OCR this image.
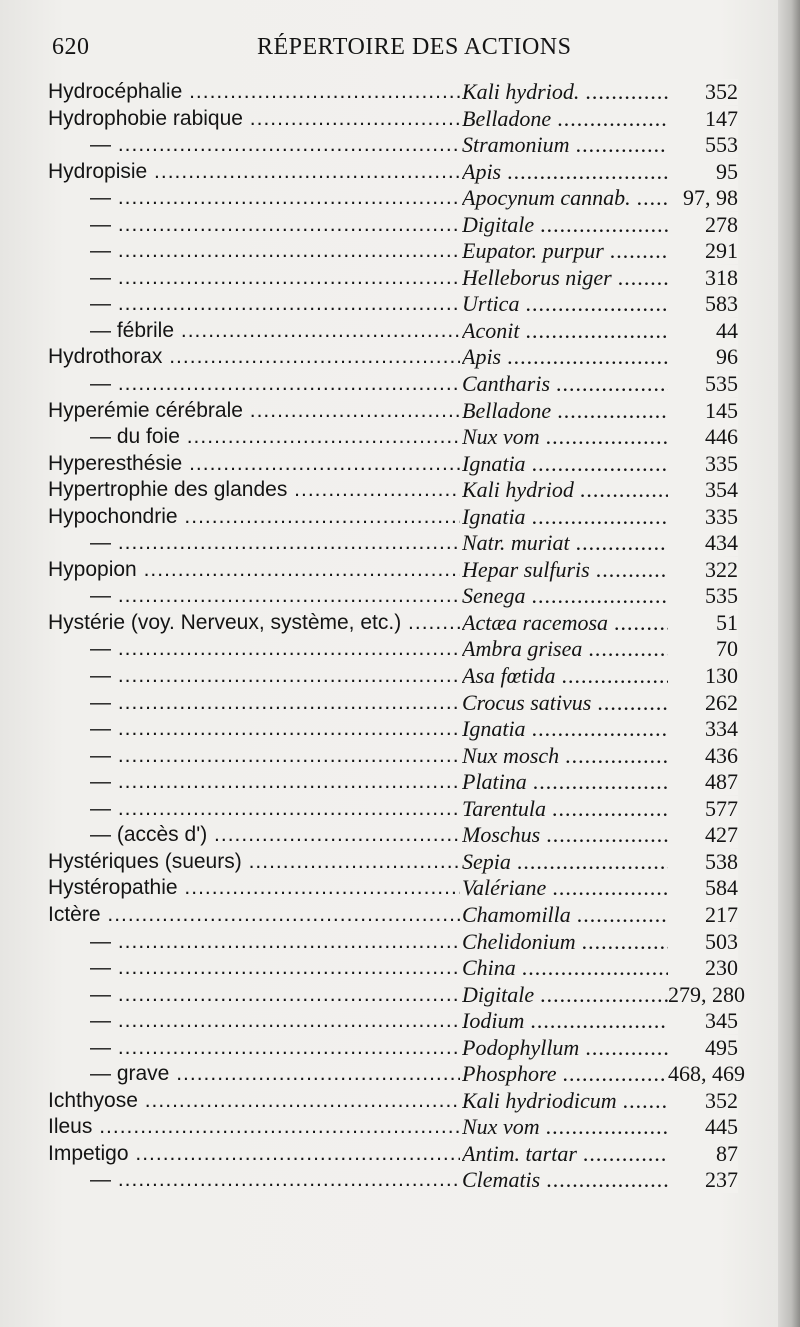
620	RÉPERTOIRE DES ACTIONS
Hydrocéphalie .....	Kali hydriod. .....	352
Hydrophobie rabique .....	Belladone .....	147
— .....	Stramonium .....	553
Hydropisie .....	Apis .....	95
— .....	Apocynum cannab. .....	97, 98
— .....	Digitale .....	278
— .....	Eupator. purpur .....	291
— .....	Helleborus niger .....	318
— .....	Urtica .....	583
— fébrile .....	Aconit .....	44
Hydrothorax .....	Apis .....	96
— .....	Cantharis .....	535
Hyperémie cérébrale .....	Belladone .....	145
— du foie .....	Nux vom .....	446
Hyperesthésie .....	Ignatia .....	335
Hypertrophie des glandes .....	Kali hydriod .....	354
Hypochondrie .....	Ignatia .....	335
— .....	Natr. muriat .....	434
Hypopion .....	Hepar sulfuris .....	322
— .....	Senega .....	535
Hystérie (voy. Nerveux, système, etc.) .....	Actæa racemosa .....	51
— .....	Ambra grisea .....	70
— .....	Asa fœtida .....	130
— .....	Crocus sativus .....	262
— .....	Ignatia .....	334
— .....	Nux mosch .....	436
— .....	Platina .....	487
— .....	Tarentula .....	577
— (accès d') .....	Moschus .....	427
Hystériques (sueurs) .....	Sepia .....	538
Hystéropathie .....	Valériane .....	584
Ictère .....	Chamomilla .....	217
— .....	Chelidonium .....	503
— .....	China .....	230
— .....	Digitale .....	279, 280
— .....	Iodium .....	345
— .....	Podophyllum .....	495
— grave .....	Phosphore .....	468, 469
Ichthyose .....	Kali hydriodicum .....	352
Ileus .....	Nux vom .....	445
Impetigo .....	Antim. tartar .....	87
— .....	Clematis .....	237
